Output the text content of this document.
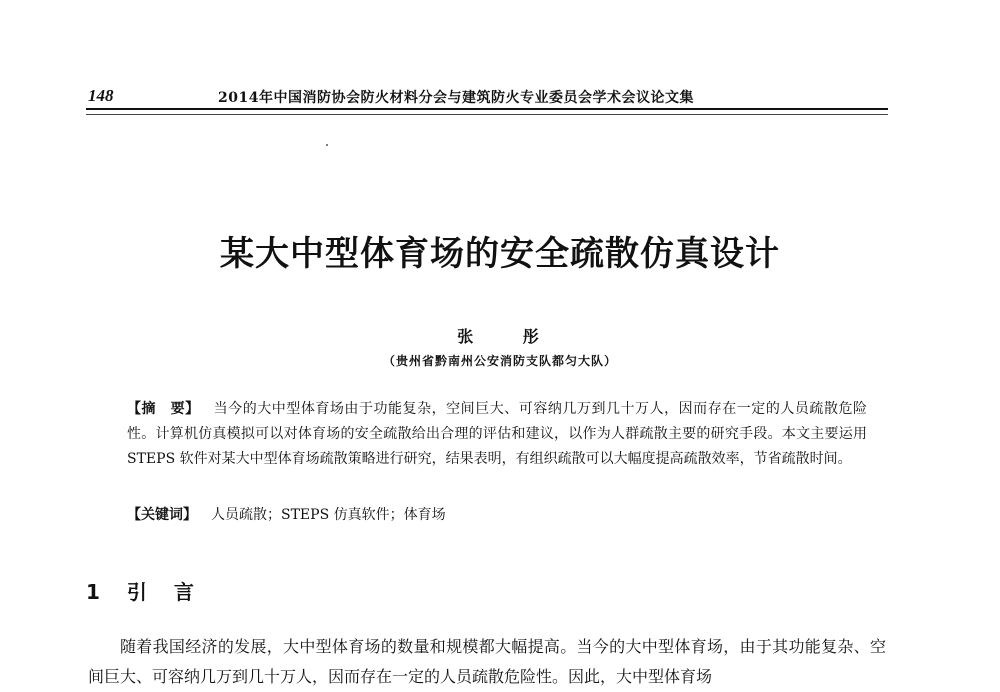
148	2014年中国消防协会防火材料分会与建筑防火专业委员会学术会议论文集
某大中型体育场的安全疏散仿真设计
张 彤
（贵州省黔南州公安消防支队都匀大队）
【摘　要】 当今的大中型体育场由于功能复杂，空间巨大、可容纳几万到几十万人，因而存在一定的人员疏散危险性。计算机仿真模拟可以对体育场的安全疏散给出合理的评估和建议，以作为人群疏散主要的研究手段。本文主要运用 STEPS 软件对某大中型体育场疏散策略进行研究，结果表明，有组织疏散可以大幅度提高疏散效率，节省疏散时间。
【关键词】 人员疏散；STEPS 仿真软件；体育场
1 引 言

随着我国经济的发展，大中型体育场的数量和规模都大幅提高。当今的大中型体育场，由于其功能复杂、空间巨大、可容纳几万到几十万人，因而存在一定的人员疏散危险性。因此，大中型体育场
